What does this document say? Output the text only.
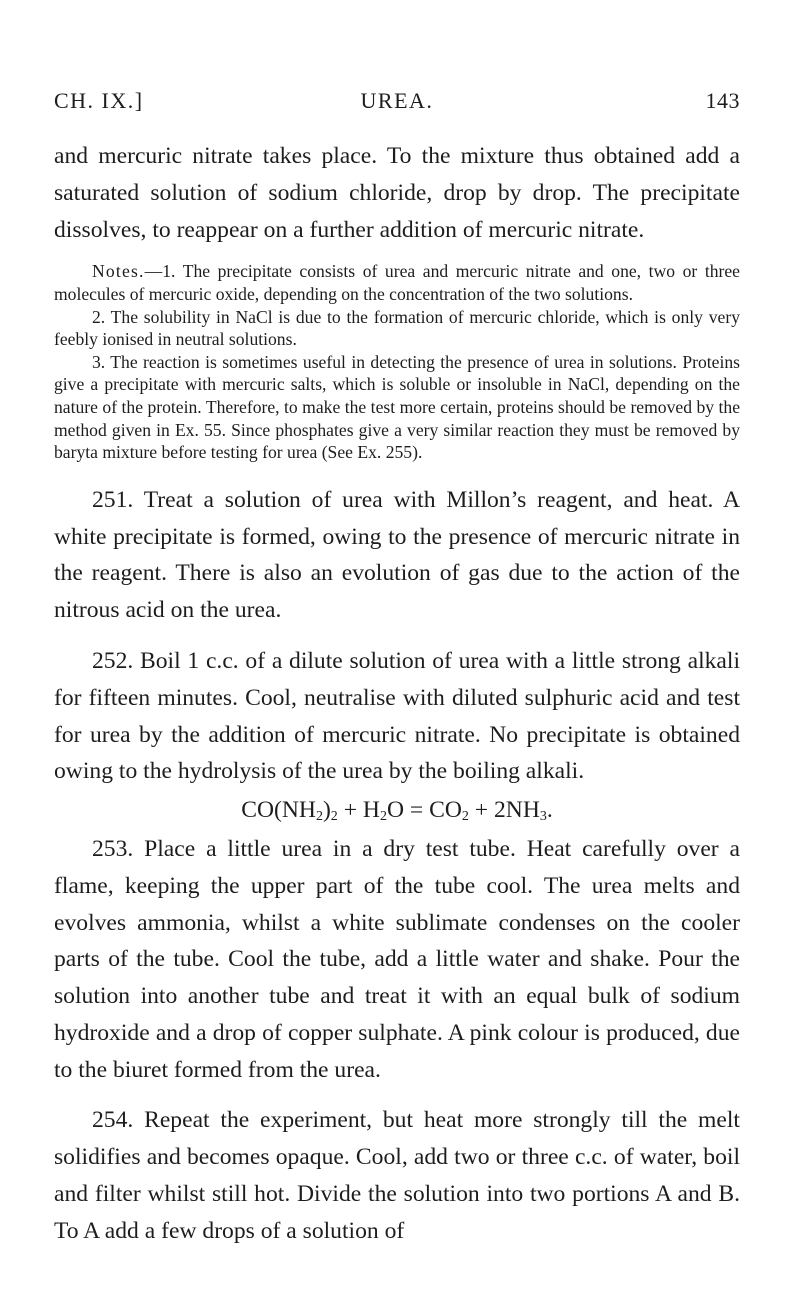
CH. IX.]	UREA.	143

and mercuric nitrate takes place. To the mixture thus obtained add a saturated solution of sodium chloride, drop by drop. The precipitate dissolves, to reappear on a further addition of mercuric nitrate.

Notes.—1. The precipitate consists of urea and mercuric nitrate and one, two or three molecules of mercuric oxide, depending on the concentration of the two solutions.

2. The solubility in NaCl is due to the formation of mercuric chloride, which is only very feebly ionised in neutral solutions.

3. The reaction is sometimes useful in detecting the presence of urea in solutions. Proteins give a precipitate with mercuric salts, which is soluble or insoluble in NaCl, depending on the nature of the protein. Therefore, to make the test more certain, proteins should be removed by the method given in Ex. 55. Since phosphates give a very similar reaction they must be removed by baryta mixture before testing for urea (See Ex. 255).

251. Treat a solution of urea with Millon’s reagent, and heat. A white precipitate is formed, owing to the presence of mercuric nitrate in the reagent. There is also an evolution of gas due to the action of the nitrous acid on the urea.

252. Boil 1 c.c. of a dilute solution of urea with a little strong alkali for fifteen minutes. Cool, neutralise with diluted sulphuric acid and test for urea by the addition of mercuric nitrate. No precipitate is obtained owing to the hydrolysis of the urea by the boiling alkali.

$CO(NH_2)_2 + H_2O = CO_2 + 2NH_3$.

253. Place a little urea in a dry test tube. Heat carefully over a flame, keeping the upper part of the tube cool. The urea melts and evolves ammonia, whilst a white sublimate condenses on the cooler parts of the tube. Cool the tube, add a little water and shake. Pour the solution into another tube and treat it with an equal bulk of sodium hydroxide and a drop of copper sulphate. A pink colour is produced, due to the biuret formed from the urea.

254. Repeat the experiment, but heat more strongly till the melt solidifies and becomes opaque. Cool, add two or three c.c. of water, boil and filter whilst still hot. Divide the solution into two portions A and B. To A add a few drops of a solution of
